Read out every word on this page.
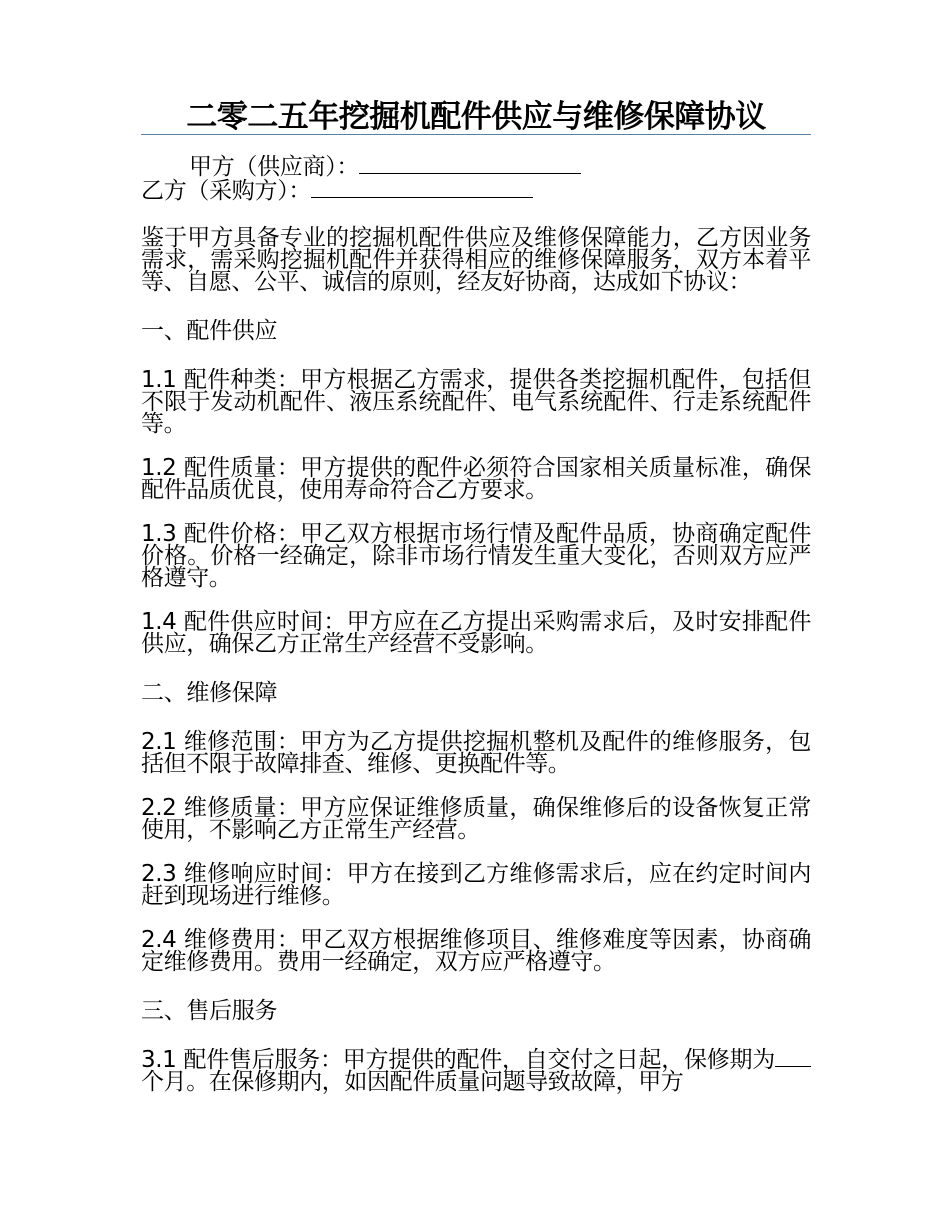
二零二五年挖掘机配件供应与维修保障协议
甲方（供应商）：
乙方（采购方）：

鉴于甲方具备专业的挖掘机配件供应及维修保障能力，乙方因业务需求，需采购挖掘机配件并获得相应的维修保障服务，双方本着平等、自愿、公平、诚信的原则，经友好协商，达成如下协议：

一、配件供应

1.1 配件种类：甲方根据乙方需求，提供各类挖掘机配件，包括但不限于发动机配件、液压系统配件、电气系统配件、行走系统配件等。

1.2 配件质量：甲方提供的配件必须符合国家相关质量标准，确保配件品质优良，使用寿命符合乙方要求。

1.3 配件价格：甲乙双方根据市场行情及配件品质，协商确定配件价格。价格一经确定，除非市场行情发生重大变化，否则双方应严格遵守。

1.4 配件供应时间：甲方应在乙方提出采购需求后，及时安排配件供应，确保乙方正常生产经营不受影响。

二、维修保障

2.1 维修范围：甲方为乙方提供挖掘机整机及配件的维修服务，包括但不限于故障排查、维修、更换配件等。

2.2 维修质量：甲方应保证维修质量，确保维修后的设备恢复正常使用，不影响乙方正常生产经营。

2.3 维修响应时间：甲方在接到乙方维修需求后，应在约定时间内赶到现场进行维修。

2.4 维修费用：甲乙双方根据维修项目、维修难度等因素，协商确定维修费用。费用一经确定，双方应严格遵守。

三、售后服务

3.1 配件售后服务：甲方提供的配件，自交付之日起，保修期为个月。在保修期内，如因配件质量问题导致故障，甲方
